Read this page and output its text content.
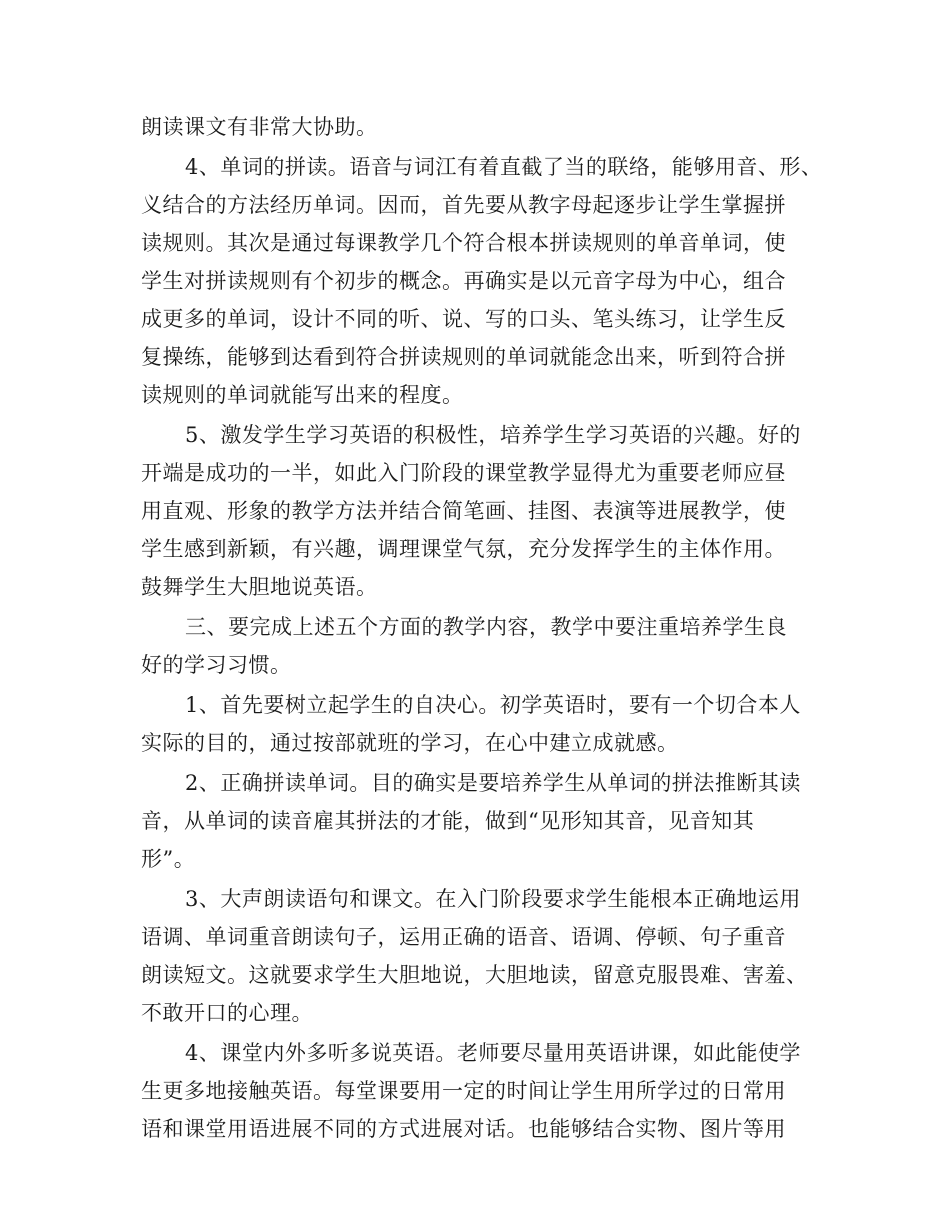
朗读课文有非常大协助。
4、单词的拼读。语音与词江有着直截了当的联络，能够用音、形、
义结合的方法经历单词。因而，首先要从教字母起逐步让学生掌握拼
读规则。其次是通过每课教学几个符合根本拼读规则的单音单词，使
学生对拼读规则有个初步的概念。再确实是以元音字母为中心，组合
成更多的单词，设计不同的听、说、写的口头、笔头练习，让学生反
复操练，能够到达看到符合拼读规则的单词就能念出来，听到符合拼
读规则的单词就能写出来的程度。
5、激发学生学习英语的积极性，培养学生学习英语的兴趣。好的
开端是成功的一半，如此入门阶段的课堂教学显得尤为重要老师应昼
用直观、形象的教学方法并结合简笔画、挂图、表演等进展教学，使
学生感到新颖，有兴趣，调理课堂气氛，充分发挥学生的主体作用。
鼓舞学生大胆地说英语。
三、要完成上述五个方面的教学内容，教学中要注重培养学生良
好的学习习惯。
1、首先要树立起学生的自决心。初学英语时，要有一个切合本人
实际的目的，通过按部就班的学习，在心中建立成就感。
2、正确拼读单词。目的确实是要培养学生从单词的拼法推断其读
音，从单词的读音雇其拼法的才能，做到“见形知其音，见音知其
形”。
3、大声朗读语句和课文。在入门阶段要求学生能根本正确地运用
语调、单词重音朗读句子，运用正确的语音、语调、停顿、句子重音
朗读短文。这就要求学生大胆地说，大胆地读，留意克服畏难、害羞、
不敢开口的心理。
4、课堂内外多听多说英语。老师要尽量用英语讲课，如此能使学
生更多地接触英语。每堂课要用一定的时间让学生用所学过的日常用
语和课堂用语进展不同的方式进展对话。也能够结合实物、图片等用
